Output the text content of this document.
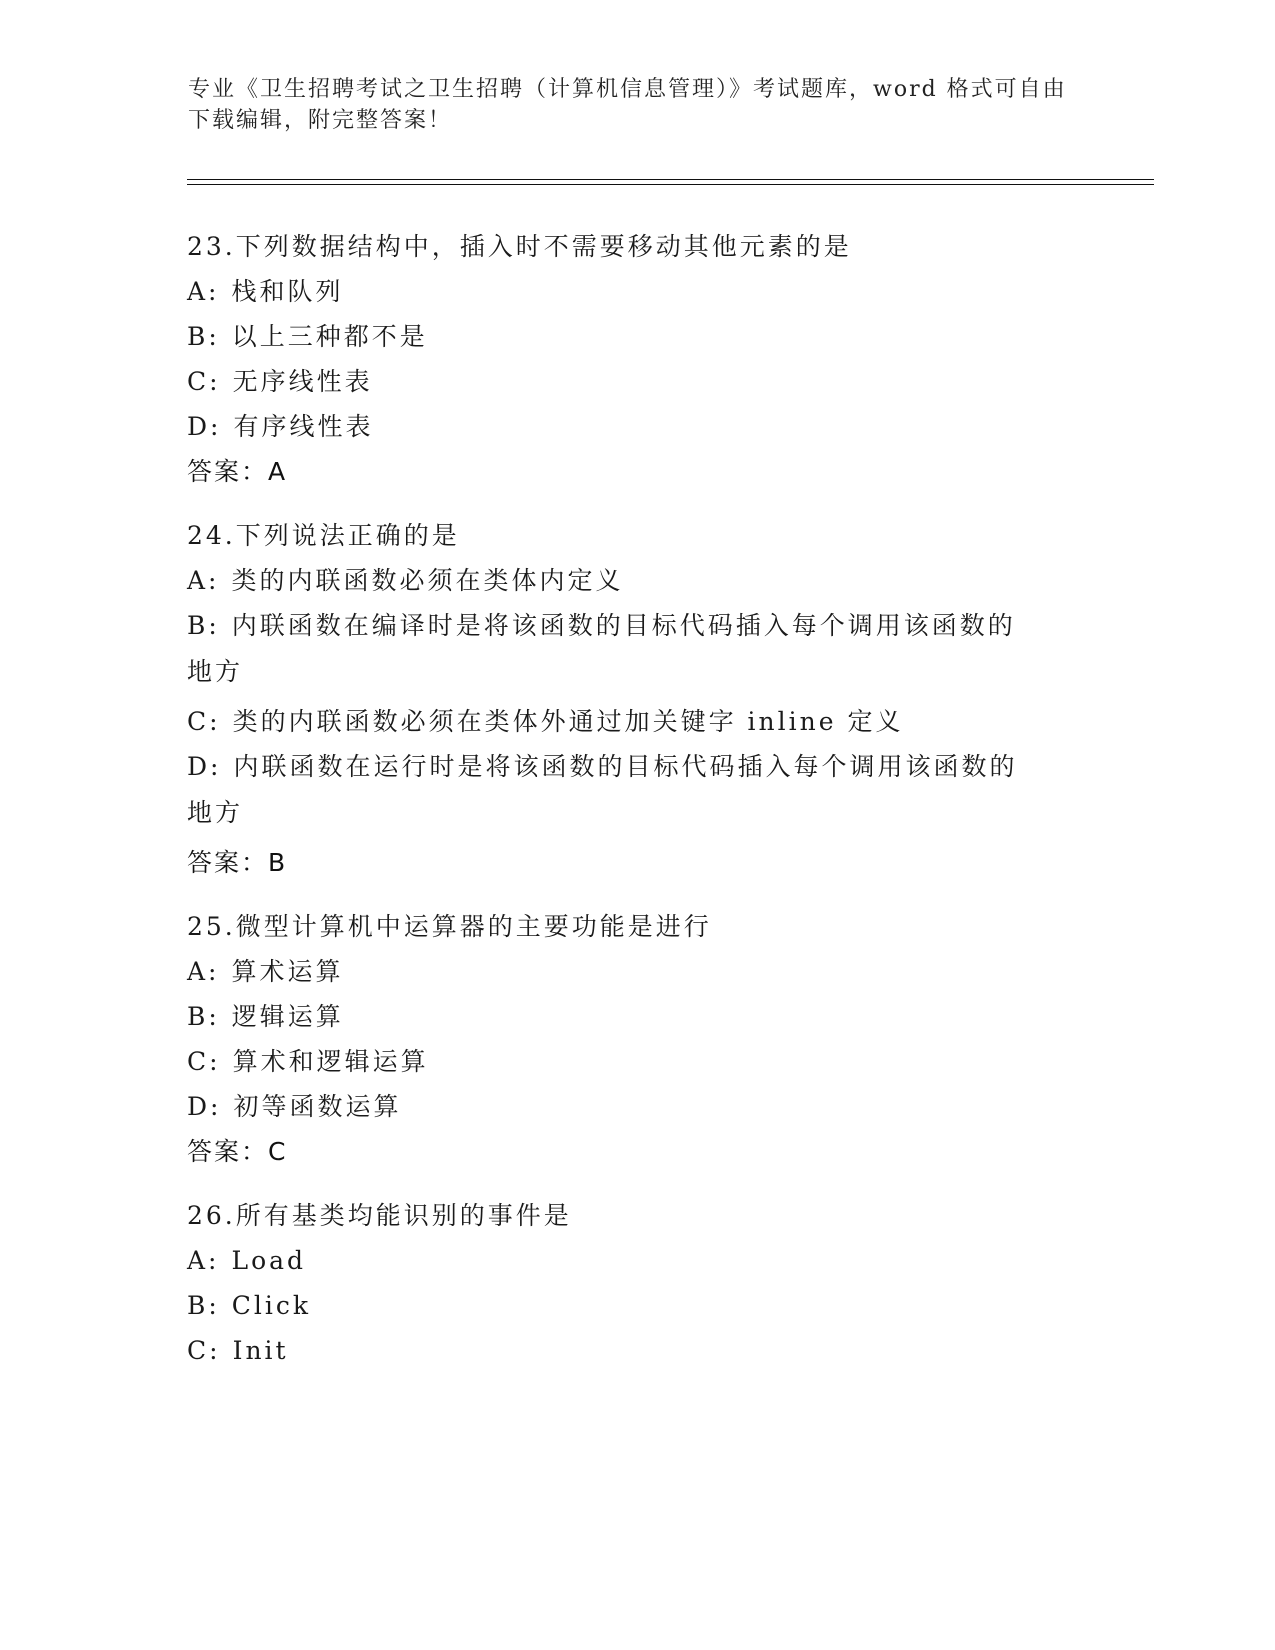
专业《卫生招聘考试之卫生招聘（计算机信息管理）》考试题库，word 格式可自由下载编辑，附完整答案！

23.下列数据结构中，插入时不需要移动其他元素的是

A: 栈和队列

B: 以上三种都不是

C: 无序线性表

D: 有序线性表

答案：A

24.下列说法正确的是

A: 类的内联函数必须在类体内定义

B: 内联函数在编译时是将该函数的目标代码插入每个调用该函数的地方

C: 类的内联函数必须在类体外通过加关键字 inline 定义

D: 内联函数在运行时是将该函数的目标代码插入每个调用该函数的地方

答案：B

25.微型计算机中运算器的主要功能是进行

A: 算术运算

B: 逻辑运算

C: 算术和逻辑运算

D: 初等函数运算

答案：C

26.所有基类均能识别的事件是

A: Load

B: Click

C: Init
